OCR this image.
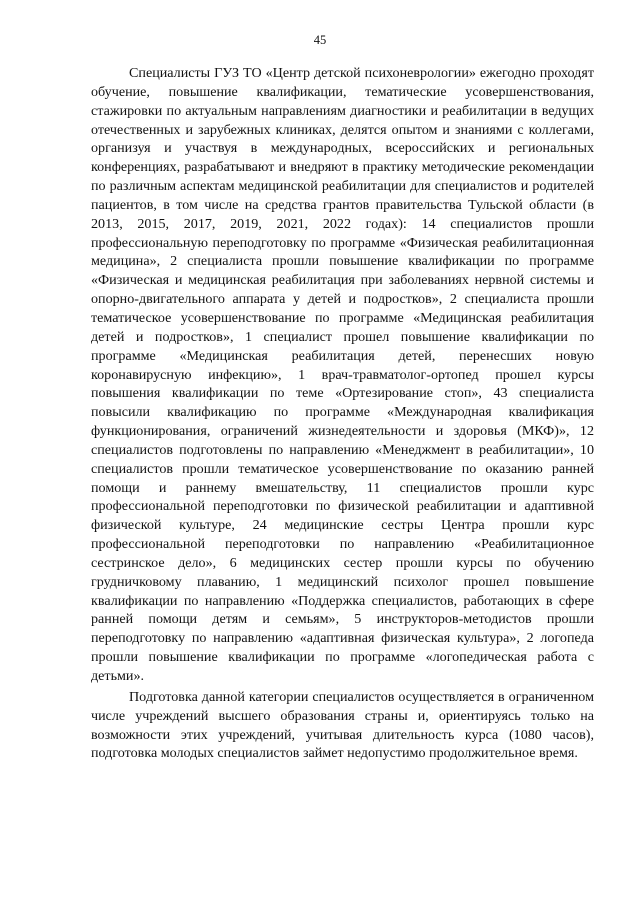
45

Специалисты ГУЗ ТО «Центр детской психоневрологии» ежегодно проходят обучение, повышение квалификации, тематические усовершенствования, стажировки по актуальным направлениям диагностики и реабилитации в ведущих отечественных и зарубежных клиниках, делятся опытом и знаниями с коллегами, организуя и участвуя в международных, всероссийских и региональных конференциях, разрабатывают и внедряют в практику методические рекомендации по различным аспектам медицинской реабилитации для специалистов и родителей пациентов, в том числе на средства грантов правительства Тульской области (в 2013, 2015, 2017, 2019, 2021, 2022 годах): 14 специалистов прошли профессиональную переподготовку по программе «Физическая реабилитационная медицина», 2 специалиста прошли повышение квалификации по программе «Физическая и медицинская реабилитация при заболеваниях нервной системы и опорно-двигательного аппарата у детей и подростков», 2 специалиста прошли тематическое усовершенствование по программе «Медицинская реабилитация детей и подростков», 1 специалист прошел повышение квалификации по программе «Медицинская реабилитация детей, перенесших новую коронавирусную инфекцию», 1 врач-травматолог-ортопед прошел курсы повышения квалификации по теме «Ортезирование стоп», 43 специалиста повысили квалификацию по программе «Международная квалификация функционирования, ограничений жизнедеятельности и здоровья (МКФ)», 12 специалистов подготовлены по направлению «Менеджмент в реабилитации», 10 специалистов прошли тематическое усовершенствование по оказанию ранней помощи и раннему вмешательству, 11 специалистов прошли курс профессиональной переподготовки по физической реабилитации и адаптивной физической культуре, 24 медицинские сестры Центра прошли курс профессиональной переподготовки по направлению «Реабилитационное сестринское дело», 6 медицинских сестер прошли курсы по обучению грудничковому плаванию, 1 медицинский психолог прошел повышение квалификации по направлению «Поддержка специалистов, работающих в сфере ранней помощи детям и семьям», 5 инструкторов-методистов прошли переподготовку по направлению «адаптивная физическая культура», 2 логопеда прошли повышение квалификации по программе «логопедическая работа с детьми».

Подготовка данной категории специалистов осуществляется в ограниченном числе учреждений высшего образования страны и, ориентируясь только на возможности этих учреждений, учитывая длительность курса (1080 часов), подготовка молодых специалистов займет недопустимо продолжительное время.
